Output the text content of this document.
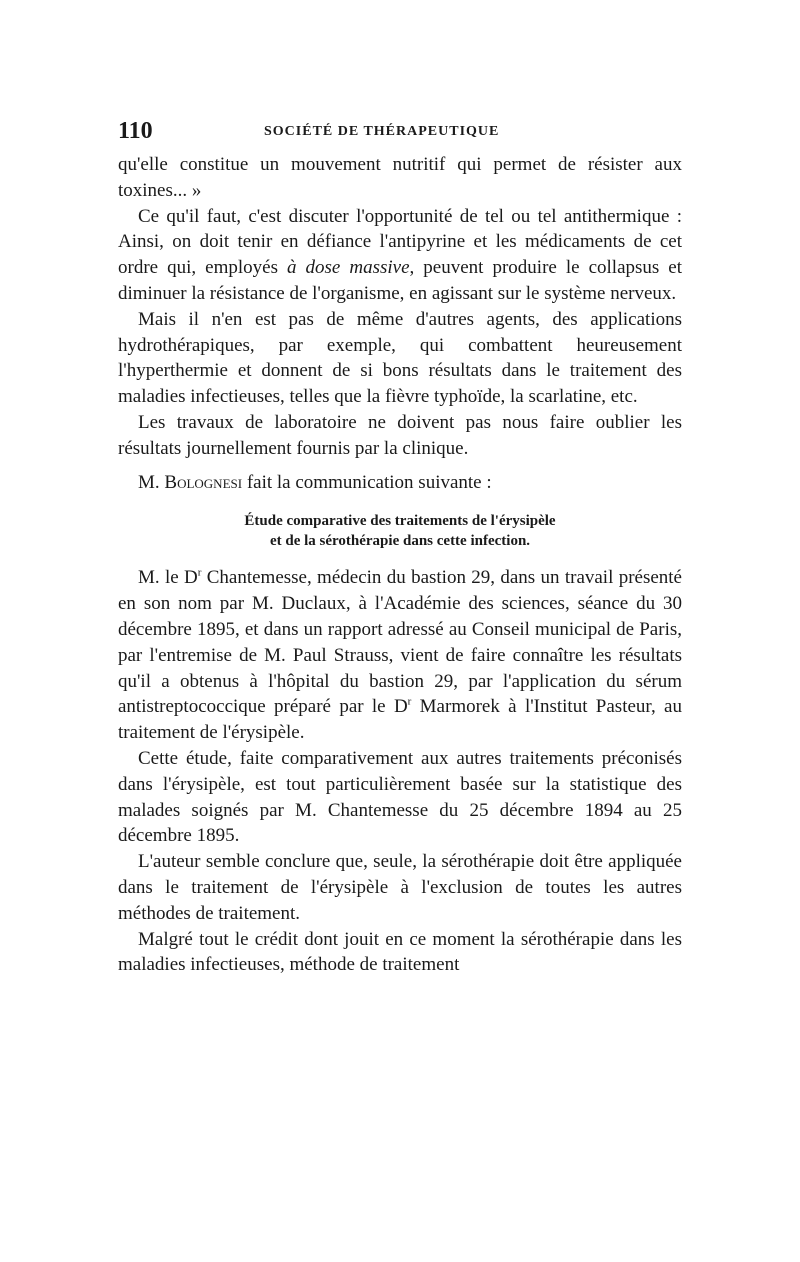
110	SOCIÉTÉ DE THÉRAPEUTIQUE

qu'elle constitue un mouvement nutritif qui permet de résister aux toxines... »

Ce qu'il faut, c'est discuter l'opportunité de tel ou tel antithermique : Ainsi, on doit tenir en défiance l'antipyrine et les médicaments de cet ordre qui, employés à dose massive, peuvent produire le collapsus et diminuer la résistance de l'organisme, en agissant sur le système nerveux.

Mais il n'en est pas de même d'autres agents, des applications hydrothérapiques, par exemple, qui combattent heureusement l'hyperthermie et donnent de si bons résultats dans le traitement des maladies infectieuses, telles que la fièvre typhoïde, la scarlatine, etc.

Les travaux de laboratoire ne doivent pas nous faire oublier les résultats journellement fournis par la clinique.

M. Bolognesi fait la communication suivante :

Étude comparative des traitements de l'érysipèle
et de la sérothérapie dans cette infection.

M. le $D^r$ Chantemesse, médecin du bastion 29, dans un travail présenté en son nom par M. Duclaux, à l'Académie des sciences, séance du 30 décembre 1895, et dans un rapport adressé au Conseil municipal de Paris, par l'entremise de M. Paul Strauss, vient de faire connaître les résultats qu'il a obtenus à l'hôpital du bastion 29, par l'application du sérum antistreptococcique préparé par le $D^r$ Marmorek à l'Institut Pasteur, au traitement de l'érysipèle.

Cette étude, faite comparativement aux autres traitements préconisés dans l'érysipèle, est tout particulièrement basée sur la statistique des malades soignés par M. Chantemesse du 25 décembre 1894 au 25 décembre 1895.

L'auteur semble conclure que, seule, la sérothérapie doit être appliquée dans le traitement de l'érysipèle à l'exclusion de toutes les autres méthodes de traitement.

Malgré tout le crédit dont jouit en ce moment la sérothérapie dans les maladies infectieuses, méthode de traitement
